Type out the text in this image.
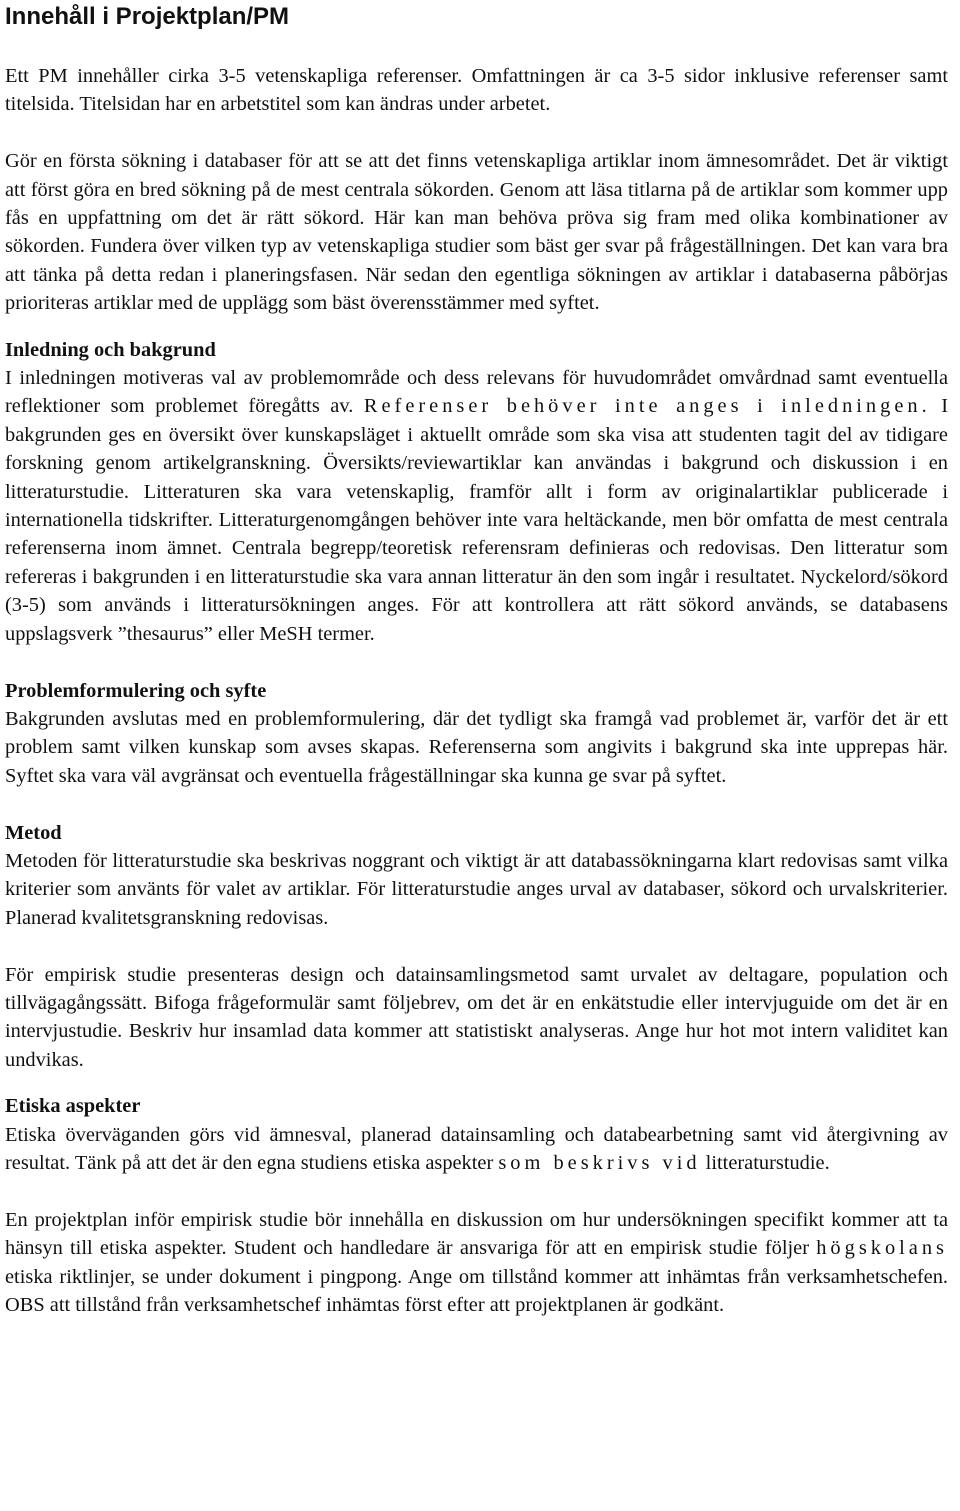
Innehåll i Projektplan/PM

Ett PM innehåller cirka 3-5 vetenskapliga referenser. Omfattningen är ca 3-5 sidor inklusive referenser samt titelsida. Titelsidan har en arbetstitel som kan ändras under arbetet.

Gör en första sökning i databaser för att se att det finns vetenskapliga artiklar inom ämnesområdet. Det är viktigt att först göra en bred sökning på de mest centrala sökorden. Genom att läsa titlarna på de artiklar som kommer upp fås en uppfattning om det är rätt sökord. Här kan man behöva pröva sig fram med olika kombinationer av sökorden. Fundera över vilken typ av vetenskapliga studier som bäst ger svar på frågeställningen. Det kan vara bra att tänka på detta redan i planeringsfasen. När sedan den egentliga sökningen av artiklar i databaserna påbörjas prioriteras artiklar med de upplägg som bäst överensstämmer med syftet.

Inledning och bakgrund

I inledningen motiveras val av problemområde och dess relevans för huvudområdet omvårdnad samt eventuella reflektioner som problemet föregåtts av. Referenser behöver inte anges i inledningen. I bakgrunden ges en översikt över kunskapsläget i aktuellt område som ska visa att studenten tagit del av tidigare forskning genom artikelgranskning. Översikts/reviewartiklar kan användas i bakgrund och diskussion i en litteraturstudie. Litteraturen ska vara vetenskaplig, framför allt i form av originalartiklar publicerade i internationella tidskrifter. Litteraturgenomgången behöver inte vara heltäckande, men bör omfatta de mest centrala referenserna inom ämnet. Centrala begrepp/teoretisk referensram definieras och redovisas. Den litteratur som refereras i bakgrunden i en litteraturstudie ska vara annan litteratur än den som ingår i resultatet. Nyckelord/sökord (3-5) som används i litteratursökningen anges. För att kontrollera att rätt sökord används, se databasens uppslagsverk ”thesaurus” eller MeSH termer.

Problemformulering och syfte

Bakgrunden avslutas med en problemformulering, där det tydligt ska framgå vad problemet är, varför det är ett problem samt vilken kunskap som avses skapas. Referenserna som angivits i bakgrund ska inte upprepas här. Syftet ska vara väl avgränsat och eventuella frågeställningar ska kunna ge svar på syftet.

Metod

Metoden för litteraturstudie ska beskrivas noggrant och viktigt är att databassökningarna klart redovisas samt vilka kriterier som använts för valet av artiklar. För litteraturstudie anges urval av databaser, sökord och urvalskriterier. Planerad kvalitetsgranskning redovisas.

För empirisk studie presenteras design och datainsamlingsmetod samt urvalet av deltagare, population och tillvägagångssätt. Bifoga frågeformulär samt följebrev, om det är en enkätstudie eller intervjuguide om det är en intervjustudie. Beskriv hur insamlad data kommer att statistiskt analyseras. Ange hur hot mot intern validitet kan undvikas.

Etiska aspekter

Etiska överväganden görs vid ämnesval, planerad datainsamling och databearbetning samt vid återgivning av resultat. Tänk på att det är den egna studiens etiska aspekter som beskrivs vid litteraturstudie.

En projektplan inför empirisk studie bör innehålla en diskussion om hur undersökningen specifikt kommer att ta hänsyn till etiska aspekter. Student och handledare är ansvariga för att en empirisk studie följer högskolans etiska riktlinjer, se under dokument i pingpong. Ange om tillstånd kommer att inhämtas från verksamhetschefen. OBS att tillstånd från verksamhetschef inhämtas först efter att projektplanen är godkänt.
